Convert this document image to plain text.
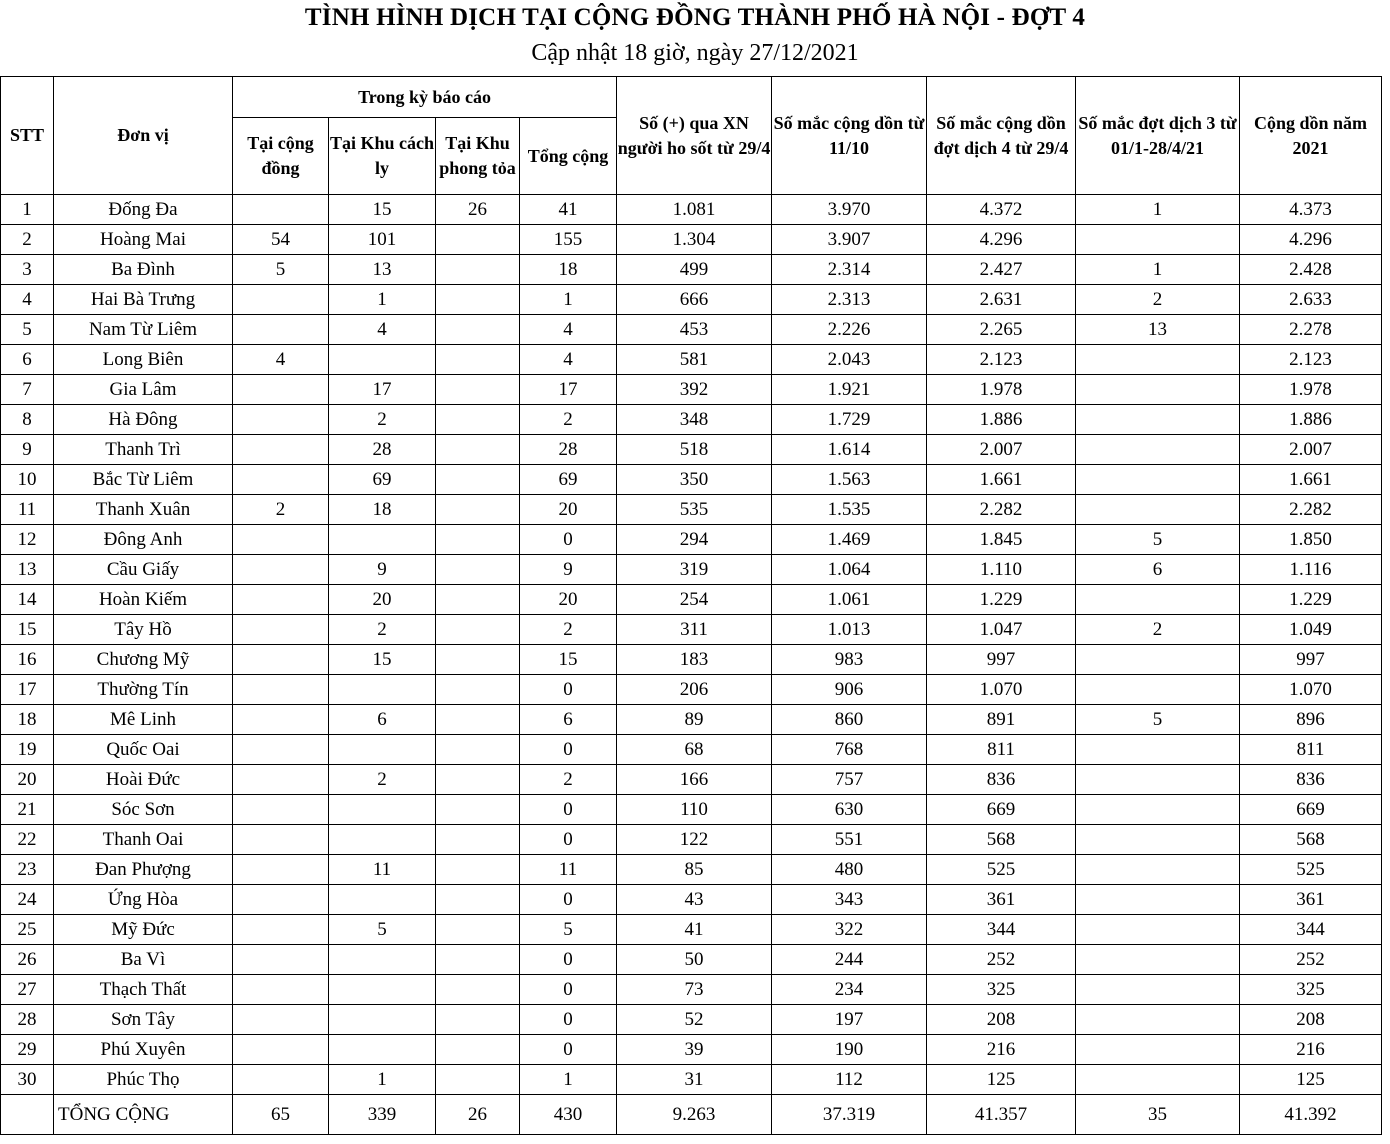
TÌNH HÌNH DỊCH TẠI CỘNG ĐỒNG THÀNH PHỐ HÀ NỘI - ĐỢT 4
Cập nhật 18 giờ, ngày 27/12/2021
STT	Đơn vị	Trong kỳ báo cáo				Số (+) qua XN người ho sốt từ 29/4	Số mắc cộng dồn từ 11/10	Số mắc cộng dồn đợt dịch 4 từ 29/4	Số mắc đợt dịch 3 từ 01/1-28/4/21	Cộng dồn năm 2021
		Tại cộng đồng	Tại Khu cách ly	Tại Khu phong tỏa	Tổng cộng					
1	Đống Đa		15	26	41	1.081	3.970	4.372	1	4.373
2	Hoàng Mai	54	101		155	1.304	3.907	4.296		4.296
3	Ba Đình	5	13		18	499	2.314	2.427	1	2.428
4	Hai Bà Trưng		1		1	666	2.313	2.631	2	2.633
5	Nam Từ Liêm		4		4	453	2.226	2.265	13	2.278
6	Long Biên	4			4	581	2.043	2.123		2.123
7	Gia Lâm		17		17	392	1.921	1.978		1.978
8	Hà Đông		2		2	348	1.729	1.886		1.886
9	Thanh Trì		28		28	518	1.614	2.007		2.007
10	Bắc Từ Liêm		69		69	350	1.563	1.661		1.661
11	Thanh Xuân	2	18		20	535	1.535	2.282		2.282
12	Đông Anh				0	294	1.469	1.845	5	1.850
13	Cầu Giấy		9		9	319	1.064	1.110	6	1.116
14	Hoàn Kiếm		20		20	254	1.061	1.229		1.229
15	Tây Hồ		2		2	311	1.013	1.047	2	1.049
16	Chương Mỹ		15		15	183	983	997		997
17	Thường Tín				0	206	906	1.070		1.070
18	Mê Linh		6		6	89	860	891	5	896
19	Quốc Oai				0	68	768	811		811
20	Hoài Đức		2		2	166	757	836		836
21	Sóc Sơn				0	110	630	669		669
22	Thanh Oai				0	122	551	568		568
23	Đan Phượng		11		11	85	480	525		525
24	Ứng Hòa				0	43	343	361		361
25	Mỹ Đức		5		5	41	322	344		344
26	Ba Vì				0	50	244	252		252
27	Thạch Thất				0	73	234	325		325
28	Sơn Tây				0	52	197	208		208
29	Phú Xuyên				0	39	190	216		216
30	Phúc Thọ		1		1	31	112	125		125
	TỔNG CỘNG	65	339	26	430	9.263	37.319	41.357	35	41.392
